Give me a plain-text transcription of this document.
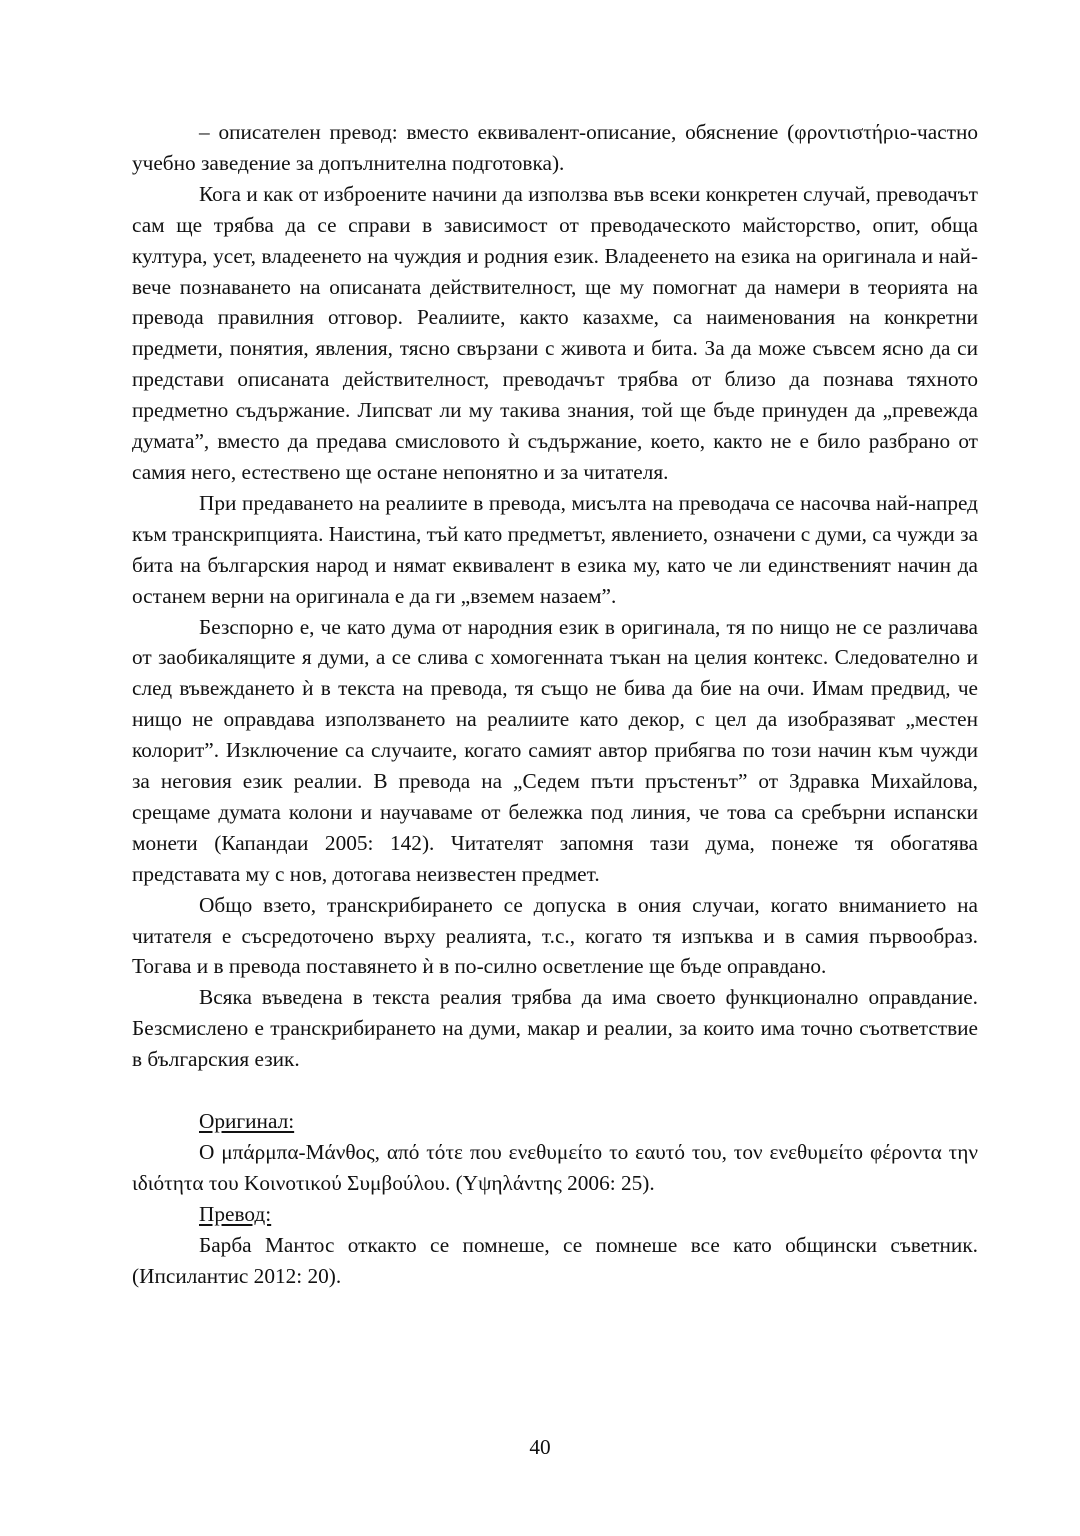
– описателен превод: вместо еквивалент-описание, обяснение (φροντιστήριο-частно учебно заведение за допълнителна подготовка).

Кога и как от изброените начини да използва във всеки конкретен случай, преводачът сам ще трябва да се справи в зависимост от преводаческото майсторство, опит, обща култура, усет, владеенето на чуждия и родния език. Владеенето на езика на оригинала и най-вече познаването на описаната действителност, ще му помогнат да намери в теорията на превода правилния отговор. Реалиите, както казахме, са наименования на конкретни предмети, понятия, явления, тясно свързани с живота и бита. За да може съвсем ясно да си представи описаната действителност, преводачът трябва от близо да познава тяхното предметно съдържание. Липсват ли му такива знания, той ще бъде принуден да „превежда думата”, вместо да предава смисловото ѝ съдържание, което, както не е било разбрано от самия него, естествено ще остане непонятно и за читателя.

При предаването на реалиите в превода, мисълта на преводача се насочва най-напред към транскрипцията. Наистина, тъй като предметът, явлението, означени с думи, са чужди за бита на българския народ и нямат еквивалент в езика му, като че ли единственият начин да останем верни на оригинала е да ги „вземем назаем”.

Безспорно е, че като дума от народния език в оригинала, тя по нищо не се различава от заобикалящите я думи, а се слива с хомогенната тъкан на целия контекс. Следователно и след въвеждането ѝ в текста на превода, тя също не бива да бие на очи. Имам предвид, че нищо не оправдава използването на реалиите като декор, с цел да изобразяват „местен колорит”. Изключение са случаите, когато самият автор прибягва по този начин към чужди за неговия език реалии. В превода на „Седем пъти пръстенът” от Здравка Михайлова, срещаме думата колони и научаваме от бележка под линия, че това са сребърни испански монети (Капандаи 2005: 142). Читателят запомня тази дума, понеже тя обогатява представата му с нов, дотогава неизвестен предмет.

Общо взето, транскрибирането се допуска в ония случаи, когато вниманието на читателя е съсредоточено върху реалията, т.с., когато тя изпъква и в самия първообраз. Тогава и в превода поставянето ѝ в по-силно осветление ще бъде оправдано.

Всяка въведена в текста реалия трябва да има своето функционално оправдание. Безсмислено е транскрибирането на думи, макар и реалии, за които има точно съответствие в българския език.

Оригинал:

Ο μπάρμπα-Μάνθος, από τότε που ενεθυμείτο το εαυτό του, τον ενεθυμείτο φέροντα την ιδιότητα του Κοινοτικού Συμβούλου. (Υψηλάντης 2006: 25).

Превод:

Барба Мантос откакто се помнеше, се помнеше все като общински съветник. (Ипсилантис 2012: 20).

40
